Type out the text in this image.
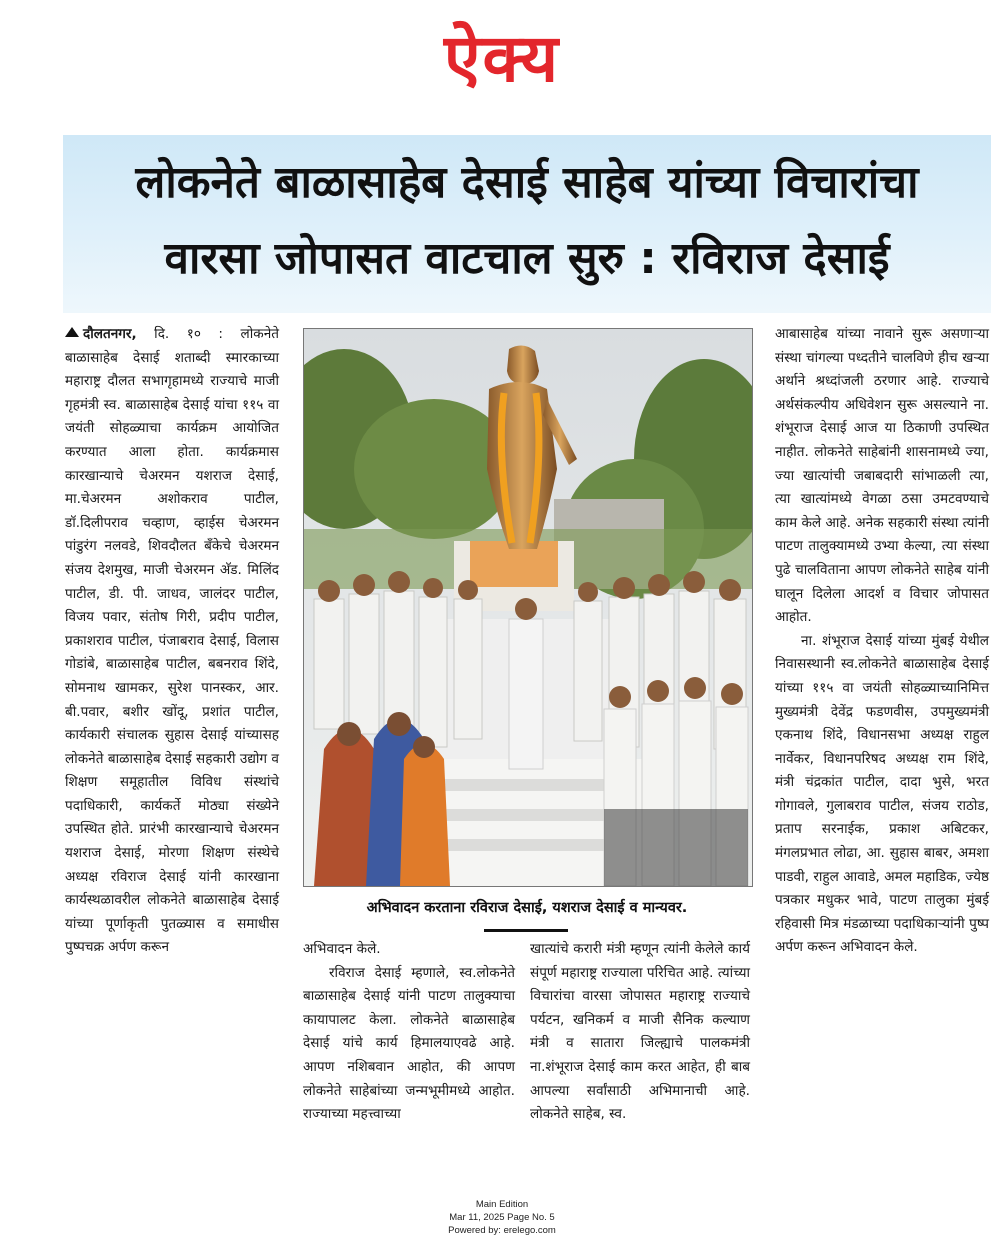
ऐक्य
लोकनेते बाळासाहेब देसाई साहेब यांच्या विचारांचा
वारसा जोपासत वाटचाल सुरु : रविराज देसाई

दौलतनगर, दि. १० : लोकनेते बाळासाहेब देसाई शताब्दी स्मारकाच्या महाराष्ट्र दौलत सभागृहामध्ये राज्याचे माजी गृहमंत्री स्व. बाळासाहेब देसाई यांचा ११५ वा जयंती सोहळ्याचा कार्यक्रम आयोजित करण्यात आला होता. कार्यक्रमास कारखान्याचे चेअरमन यशराज देसाई, मा.चेअरमन अशोकराव पाटील, डॉ.दिलीपराव चव्हाण, व्हाईस चेअरमन पांडुरंग नलवडे, शिवदौलत बँकेचे चेअरमन संजय देशमुख, माजी चेअरमन अ‍ॅड. मिलिंद पाटील, डी. पी. जाधव, जालंदर पाटील, विजय पवार, संतोष गिरी, प्रदीप पाटील, प्रकाशराव पाटील, पंजाबराव देसाई, विलास गोडांबे, बाळासाहेब पाटील, बबनराव शिंदे, सोमनाथ खामकर, सुरेश पानस्कर, आर. बी.पवार, बशीर खोंदू, प्रशांत पाटील, कार्यकारी संचालक सुहास देसाई यांच्यासह लोकनेते बाळासाहेब देसाई सहकारी उद्योग व शिक्षण समूहातील विविध संस्थांचे पदाधिकारी, कार्यकर्ते मोठ्या संख्येने उपस्थित होते. प्रारंभी कारखान्याचे चेअरमन यशराज देसाई, मोरणा शिक्षण संस्थेचे अध्यक्ष रविराज देसाई यांनी कारखाना कार्यस्थळावरील लोकनेते बाळासाहेब देसाई यांच्या पूर्णाकृती पुतळ्यास व समाधीस पुष्पचक्र अर्पण करून

अभिवादन करताना रविराज देसाई, यशराज देसाई व मान्यवर.

अभिवादन केले.

रविराज देसाई म्हणाले, स्व.लोकनेते बाळासाहेब देसाई यांनी पाटण तालुक्याचा कायापालट केला. लोकनेते बाळासाहेब देसाई यांचे कार्य हिमालयाएवढे आहे. आपण नशिबवान आहोत, की आपण लोकनेते साहेबांच्या जन्मभूमीमध्ये आहोत. राज्याच्या महत्त्वाच्या

खात्यांचे करारी मंत्री म्हणून त्यांनी केलेले कार्य संपूर्ण महाराष्ट्र राज्याला परिचित आहे. त्यांच्या विचारांचा वारसा जोपासत महाराष्ट्र राज्याचे पर्यटन, खनिकर्म व माजी सैनिक कल्याण मंत्री व सातारा जिल्ह्याचे पालकमंत्री ना.शंभूराज देसाई काम करत आहेत, ही बाब आपल्या सर्वांसाठी अभिमानाची आहे. लोकनेते साहेब, स्व.

आबासाहेब यांच्या नावाने सुरू असणाऱ्या संस्था चांगल्या पध्दतीने चालविणे हीच खऱ्या अर्थाने श्रध्दांजली ठरणार आहे. राज्याचे अर्थसंकल्पीय अधिवेशन सुरू असल्याने ना. शंभूराज देसाई आज या ठिकाणी उपस्थित नाहीत. लोकनेते साहेबांनी शासनामध्ये ज्या, ज्या खात्यांची जबाबदारी सांभाळली त्या, त्या खात्यांमध्ये वेगळा ठसा उमटवण्याचे काम केले आहे. अनेक सहकारी संस्था त्यांनी पाटण तालुक्यामध्ये उभ्या केल्या, त्या संस्था पुढे चालविताना आपण लोकनेते साहेब यांनी घालून दिलेला आदर्श व विचार जोपासत आहोत.

ना. शंभूराज देसाई यांच्या मुंबई येथील निवासस्थानी स्व.लोकनेते बाळासाहेब देसाई यांच्या ११५ वा जयंती सोहळ्याच्यानिमित्त मुख्यमंत्री देवेंद्र फडणवीस, उपमुख्यमंत्री एकनाथ शिंदे, विधानसभा अध्यक्ष राहुल नार्वेकर, विधानपरिषद अध्यक्ष राम शिंदे, मंत्री चंद्रकांत पाटील, दादा भुसे, भरत गोगावले, गुलाबराव पाटील, संजय राठोड, प्रताप सरनाईक, प्रकाश अबिटकर, मंगलप्रभात लोढा, आ. सुहास बाबर, अमशा पाडवी, राहुल आवाडे, अमल महाडिक, ज्येष्ठ पत्रकार मधुकर भावे, पाटण तालुका मुंबई रहिवासी मित्र मंडळाच्या पदाधिकाऱ्यांनी पुष्प अर्पण करून अभिवादन केले.

Main Edition
Mar 11, 2025 Page No. 5
Powered by: erelego.com
